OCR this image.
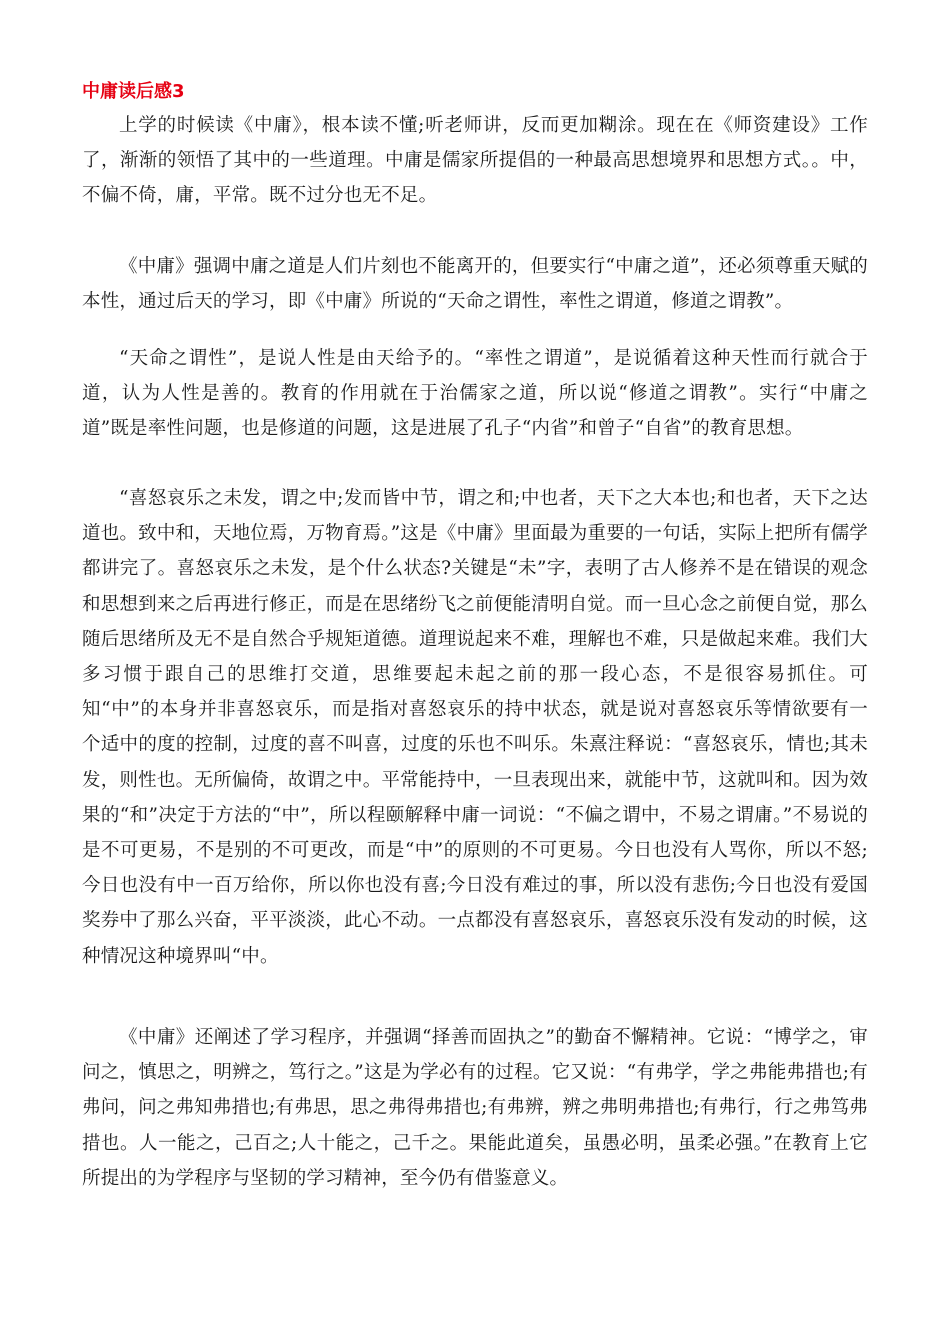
中庸读后感3

上学的时候读《中庸》，根本读不懂;听老师讲，反而更加糊涂。现在在《师资建设》工作了，渐渐的领悟了其中的一些道理。中庸是儒家所提倡的一种最高思想境界和思想方式。。中，不偏不倚，庸，平常。既不过分也无不足。

《中庸》强调中庸之道是人们片刻也不能离开的，但要实行“中庸之道”，还必须尊重天赋的本性，通过后天的学习，即《中庸》所说的“天命之谓性，率性之谓道，修道之谓教”。

“天命之谓性”，是说人性是由天给予的。“率性之谓道”，是说循着这种天性而行就合于道，认为人性是善的。教育的作用就在于治儒家之道，所以说“修道之谓教”。实行“中庸之道”既是率性问题，也是修道的问题，这是进展了孔子“内省”和曾子“自省”的教育思想。

“喜怒哀乐之未发，谓之中;发而皆中节，谓之和;中也者，天下之大本也;和也者，天下之达道也。致中和，天地位焉，万物育焉。”这是《中庸》里面最为重要的一句话，实际上把所有儒学都讲完了。喜怒哀乐之未发，是个什么状态?关键是“未”字，表明了古人修养不是在错误的观念和思想到来之后再进行修正，而是在思绪纷飞之前便能清明自觉。而一旦心念之前便自觉，那么随后思绪所及无不是自然合乎规矩道德。道理说起来不难，理解也不难，只是做起来难。我们大多习惯于跟自己的思维打交道，思维要起未起之前的那一段心态，不是很容易抓住。可知“中”的本身并非喜怒哀乐，而是指对喜怒哀乐的持中状态，就是说对喜怒哀乐等情欲要有一个适中的度的控制，过度的喜不叫喜，过度的乐也不叫乐。朱熹注释说：“喜怒哀乐，情也;其未发，则性也。无所偏倚，故谓之中。平常能持中，一旦表现出来，就能中节，这就叫和。因为效果的“和”决定于方法的“中”，所以程颐解释中庸一词说：“不偏之谓中，不易之谓庸。”不易说的是不可更易，不是别的不可更改，而是“中”的原则的不可更易。今日也没有人骂你，所以不怒;今日也没有中一百万给你，所以你也没有喜;今日没有难过的事，所以没有悲伤;今日也没有爱国奖券中了那么兴奋，平平淡淡，此心不动。一点都没有喜怒哀乐，喜怒哀乐没有发动的时候，这种情况这种境界叫“中。

《中庸》还阐述了学习程序，并强调“择善而固执之”的勤奋不懈精神。它说：“博学之，审问之，慎思之，明辨之，笃行之。”这是为学必有的过程。它又说：“有弗学，学之弗能弗措也;有弗问，问之弗知弗措也;有弗思，思之弗得弗措也;有弗辨，辨之弗明弗措也;有弗行，行之弗笃弗措也。人一能之，己百之;人十能之，己千之。果能此道矣，虽愚必明，虽柔必强。”在教育上它所提出的为学程序与坚韧的学习精神，至今仍有借鉴意义。
